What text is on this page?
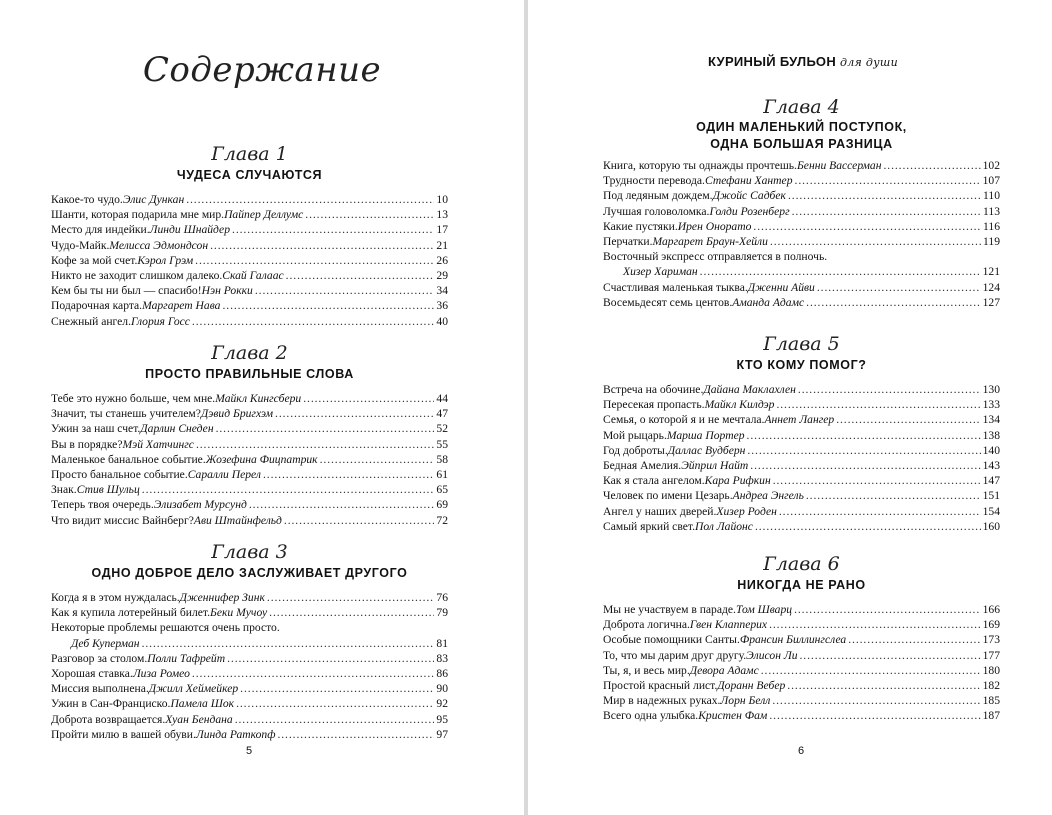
Содержание
Глава 1
ЧУДЕСА СЛУЧАЮТСЯ
Какое-то чудо. Элис Дункан . . .	10
Шанти, которая подарила мне мир. Пайпер Деллумс . . .	13
Место для индейки. Линди Шнайдер . . .	17
Чудо-Майк. Мелисса Эдмондсон . . .	21
Кофе за мой счет. Кэрол Грэм . . .	26
Никто не заходит слишком далеко. Скай Галаас . . .	29
Кем бы ты ни был — спасибо! Нэн Рокки . . .	34
Подарочная карта. Маргарет Нава . . .	36
Снежный ангел. Глория Госс . . .	40
Глава 2
ПРОСТО ПРАВИЛЬНЫЕ СЛОВА
Тебе это нужно больше, чем мне. Майкл Кингсбери . . .	44
Значит, ты станешь учителем? Дэвид Бригхэм . . .	47
Ужин за наш счет. Дарлин Снеден . . .	52
Вы в порядке? Мэй Хатчингс . . .	55
Маленькое банальное событие. Жозефина Фицпатрик . . .	58
Просто банальное событие. Саралли Перел . . .	61
Знак. Стив Шульц . . .	65
Теперь твоя очередь. Элизабет Мурсунд . . .	69
Что видит миссис Вайнберг? Ави Штайнфельд . . .	72
Глава 3
ОДНО ДОБРОЕ ДЕЛО ЗАСЛУЖИВАЕТ ДРУГОГО
Когда я в этом нуждалась. Дженнифер Зинк . . .	76
Как я купила лотерейный билет. Беки Мучоу . . .	79
Некоторые проблемы решаются очень просто.
Деб Куперман . . .	81
Разговор за столом. Полли Тафрейт . . .	83
Хорошая ставка. Лиза Ромео . . .	86
Миссия выполнена. Джилл Хеймейкер . . .	90
Ужин в Сан-Франциско. Памела Шок . . .	92
Доброта возвращается. Хуан Бендана . . .	95
Пройти милю в вашей обуви. Линда Раткопф . . .	97
5
КУРИНЫЙ БУЛЬОН для души
Глава 4
ОДИН МАЛЕНЬКИЙ ПОСТУПОК,
ОДНА БОЛЬШАЯ РАЗНИЦА
Книга, которую ты однажды прочтешь. Бенни Вассерман . . .	102
Трудности перевода. Стефани Хантер . . .	107
Под ледяным дождем. Джойс Садбек . . .	110
Лучшая головоломка. Голди Розенберг . . .	113
Какие пустяки. Ирен Онорато . . .	116
Перчатки. Маргарет Браун-Хейли . . .	119
Восточный экспресс отправляется в полночь.
Хизер Хариман . . .	121
Счастливая маленькая тыква. Дженни Айви . . .	124
Восемьдесят семь центов. Аманда Адамс . . .	127
Глава 5
КТО КОМУ ПОМОГ?
Встреча на обочине. Дайана Маклахлен . . .	130
Пересекая пропасть. Майкл Килдэр . . .	133
Семья, о которой я и не мечтала. Аннет Лангер . . .	134
Мой рыцарь. Марша Портер . . .	138
Год доброты. Даллас Вудберн . . .	140
Бедная Амелия. Эйприл Найт . . .	143
Как я стала ангелом. Кара Рифкин . . .	147
Человек по имени Цезарь. Андреа Энгель . . .	151
Ангел у наших дверей. Хизер Роден . . .	154
Самый яркий свет. Пол Лайонс . . .	160
Глава 6
НИКОГДА НЕ РАНО
Мы не участвуем в параде. Том Шварц . . .	166
Доброта логична. Гвен Клапперих . . .	169
Особые помощники Санты. Франсин Биллингслеа . . .	173
То, что мы дарим друг другу. Элисон Ли . . .	177
Ты, я, и весь мир. Девора Адамс . . .	180
Простой красный лист. Доранн Вебер . . .	182
Мир в надежных руках. Лорн Белл . . .	185
Всего одна улыбка. Кристен Фам . . .	187
6
